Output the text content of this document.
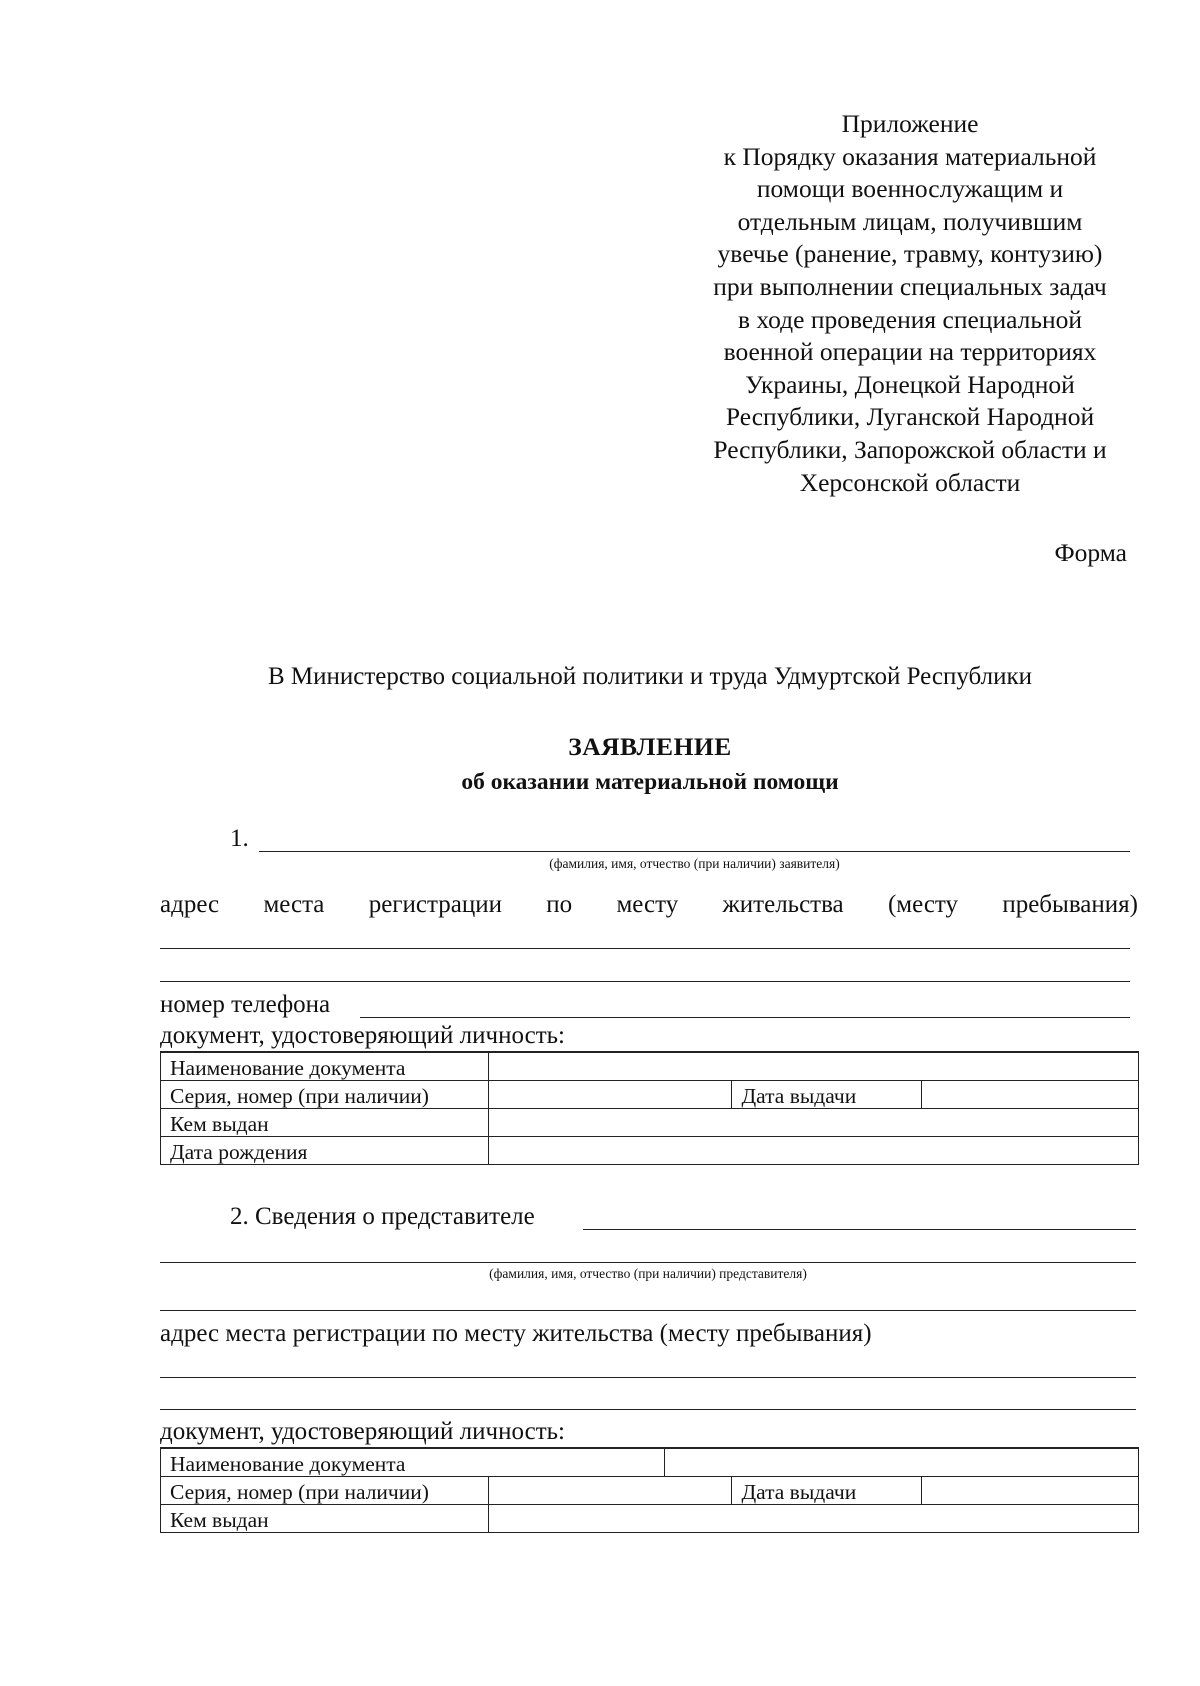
Приложение
к Порядку оказания материальной
помощи военнослужащим и
отдельным лицам, получившим
увечье (ранение, травму, контузию)
при выполнении специальных задач
в ходе проведения специальной
военной операции на территориях
Украины, Донецкой Народной
Республики, Луганской Народной
Республики, Запорожской области и
Херсонской области
Форма
В Министерство социальной политики и труда Удмуртской Республики
ЗАЯВЛЕНИЕ
об оказании материальной помощи
1.
(фамилия, имя, отчество (при наличии) заявителя)
адрес места регистрации по месту жительства (месту пребывания)
номер телефона
документ, удостоверяющий личность:
Наименование документа			
Серия, номер (при наличии)		Дата выдачи	
Кем выдан			
Дата рождения			
2. Сведения о представителе
(фамилия, имя, отчество (при наличии) представителя)
адрес места регистрации по месту жительства (месту пребывания)
документ, удостоверяющий личность:
Наименование документа				
Серия, номер (при наличии)			Дата выдачи	
Кем выдан				
